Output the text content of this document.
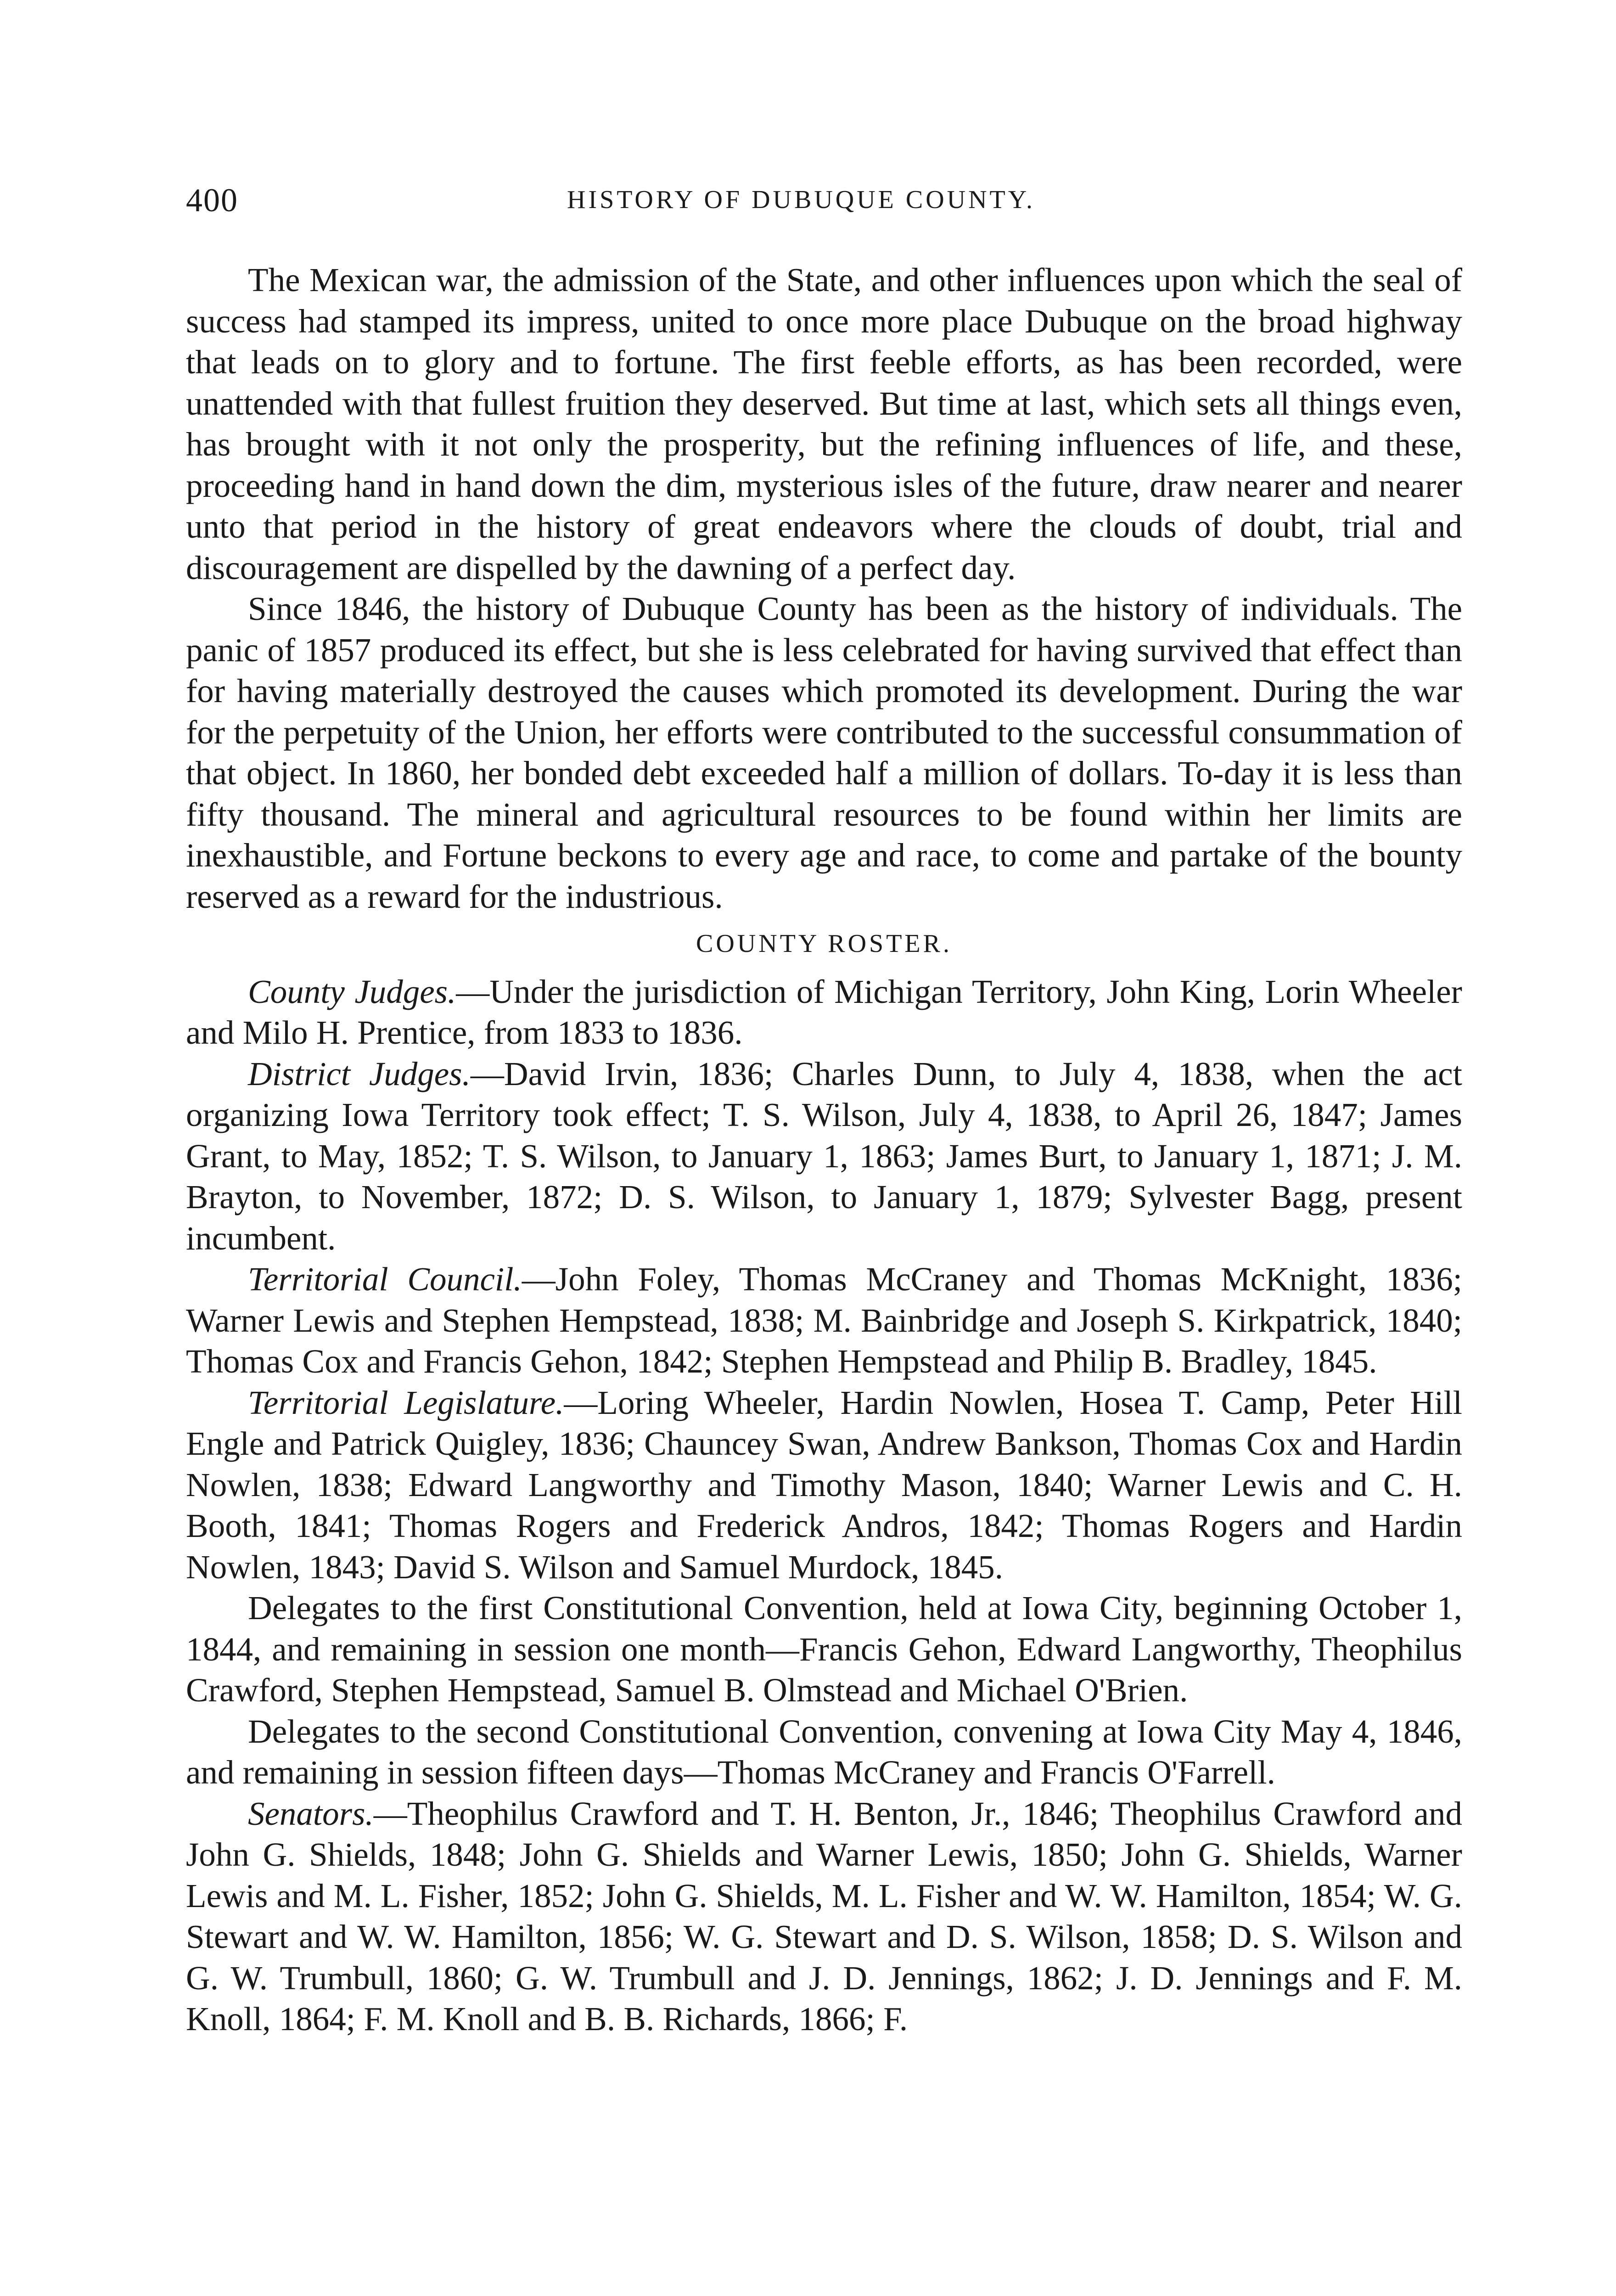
400	HISTORY OF DUBUQUE COUNTY.

The Mexican war, the admission of the State, and other influences upon which the seal of success had stamped its impress, united to once more place Dubuque on the broad highway that leads on to glory and to fortune. The first feeble efforts, as has been recorded, were unattended with that fullest fruition they deserved. But time at last, which sets all things even, has brought with it not only the prosperity, but the refining influences of life, and these, proceeding hand in hand down the dim, mysterious isles of the future, draw nearer and nearer unto that period in the history of great endeavors where the clouds of doubt, trial and discouragement are dispelled by the dawning of a perfect day.

Since 1846, the history of Dubuque County has been as the history of individuals. The panic of 1857 produced its effect, but she is less celebrated for having survived that effect than for having materially destroyed the causes which promoted its development. During the war for the perpetuity of the Union, her efforts were contributed to the successful consummation of that object. In 1860, her bonded debt exceeded half a million of dollars. To-day it is less than fifty thousand. The mineral and agricultural resources to be found within her limits are inexhaustible, and Fortune beckons to every age and race, to come and partake of the bounty reserved as a reward for the industrious.

COUNTY ROSTER.

County Judges.—Under the jurisdiction of Michigan Territory, John King, Lorin Wheeler and Milo H. Prentice, from 1833 to 1836.

District Judges.—David Irvin, 1836; Charles Dunn, to July 4, 1838, when the act organizing Iowa Territory took effect; T. S. Wilson, July 4, 1838, to April 26, 1847; James Grant, to May, 1852; T. S. Wilson, to January 1, 1863; James Burt, to January 1, 1871; J. M. Brayton, to November, 1872; D. S. Wilson, to January 1, 1879; Sylvester Bagg, present incumbent.

Territorial Council.—John Foley, Thomas McCraney and Thomas McKnight, 1836; Warner Lewis and Stephen Hempstead, 1838; M. Bainbridge and Joseph S. Kirkpatrick, 1840; Thomas Cox and Francis Gehon, 1842; Stephen Hempstead and Philip B. Bradley, 1845.

Territorial Legislature.—Loring Wheeler, Hardin Nowlen, Hosea T. Camp, Peter Hill Engle and Patrick Quigley, 1836; Chauncey Swan, Andrew Bankson, Thomas Cox and Hardin Nowlen, 1838; Edward Langworthy and Timothy Mason, 1840; Warner Lewis and C. H. Booth, 1841; Thomas Rogers and Frederick Andros, 1842; Thomas Rogers and Hardin Nowlen, 1843; David S. Wilson and Samuel Murdock, 1845.

Delegates to the first Constitutional Convention, held at Iowa City, beginning October 1, 1844, and remaining in session one month—Francis Gehon, Edward Langworthy, Theophilus Crawford, Stephen Hempstead, Samuel B. Olmstead and Michael O'Brien.

Delegates to the second Constitutional Convention, convening at Iowa City May 4, 1846, and remaining in session fifteen days—Thomas McCraney and Francis O'Farrell.

Senators.—Theophilus Crawford and T. H. Benton, Jr., 1846; Theophilus Crawford and John G. Shields, 1848; John G. Shields and Warner Lewis, 1850; John G. Shields, Warner Lewis and M. L. Fisher, 1852; John G. Shields, M. L. Fisher and W. W. Hamilton, 1854; W. G. Stewart and W. W. Hamilton, 1856; W. G. Stewart and D. S. Wilson, 1858; D. S. Wilson and G. W. Trumbull, 1860; G. W. Trumbull and J. D. Jennings, 1862; J. D. Jennings and F. M. Knoll, 1864; F. M. Knoll and B. B. Richards, 1866; F.
